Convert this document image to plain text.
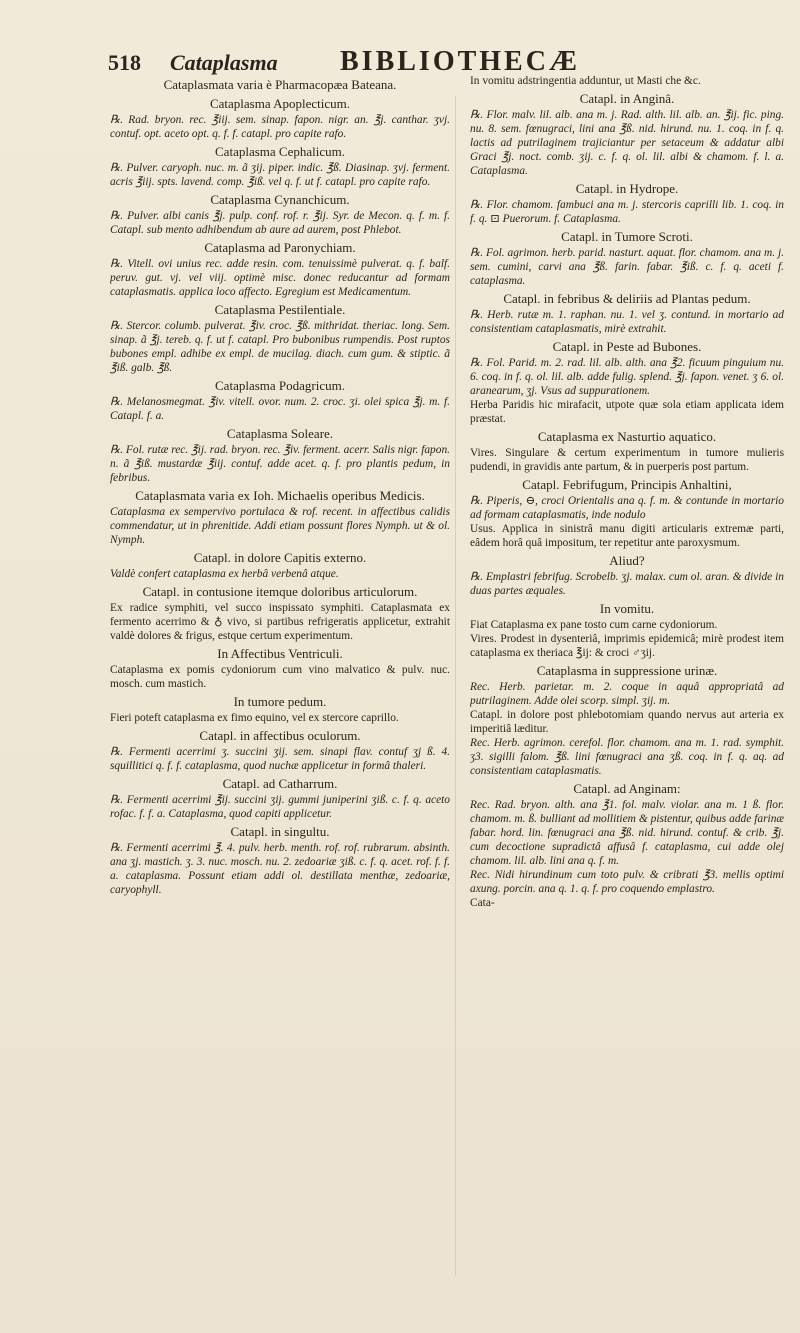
518 Cataplasma BIBLIOTHECÆ

Cataplasmata varia è Pharmacopæa Bateana.

Cataplasma Apoplecticum.

℞. Rad. bryon. rec. ℥iij. sem. sinap. fapon. nigr. an. ℥j. canthar. ʒvj. contuf. opt. aceto opt. q. f. f. catapl. pro capite rafo.

Cataplasma Cephalicum.

℞. Pulver. caryoph. nuc. m. ã ʒij. piper. indic. ℥ß. Diasinap. ʒvj. ferment. acris ℥iij. spts. lavend. comp. ℥iß. vel q. f. ut f. catapl. pro capite rafo.

Cataplasma Cynanchicum.

℞. Pulver. albi canis ℥j. pulp. conf. rof. r. ℥ij. Syr. de Mecon. q. f. m. f. Catapl. sub mento adhibendum ab aure ad aurem, post Phlebot.

Cataplasma ad Paronychiam.

℞. Vitell. ovi unius rec. adde resin. com. tenuissimè pulverat. q. f. balf. peruv. gut. vj. vel viij. optimè misc. donec reducantur ad formam cataplasmatis. applica loco affecto. Egregium est Medicamentum.

Cataplasma Pestilentiale.

℞. Stercor. columb. pulverat. ℥iv. croc. ℥ß. mithridat. theriac. long. Sem. sinap. ã ℥j. tereb. q. f. ut f. catapl. Pro bubonibus rumpendis. Post ruptos bubones empl. adhibe ex empl. de mucilag. diach. cum gum. & stiptic. ã ℥iß. galb. ℥ß.

Cataplasma Podagricum.

℞. Melanosmegmat. ℥iv. vitell. ovor. num. 2. croc. ʒi. olei spica ℥j. m. f. Catapl. f. a.

Cataplasma Soleare.

℞. Fol. rutæ rec. ℥ij. rad. bryon. rec. ℥iv. ferment. acerr. Salis nigr. fapon. n. ã ℥iß. mustardæ ℥iij. contuf. adde acet. q. f. pro plantis pedum, in febribus.

Cataplasmata varia ex Ioh. Michaelis operibus Medicis.

Cataplasma ex sempervivo portulaca & rof. recent. in affectibus calidis commendatur, ut in phrenitide. Addi etiam possunt flores Nymph. ut & ol. Nymph.

Catapl. in dolore Capitis externo.

Valdè confert cataplasma ex herbâ verbenâ atque.

Catapl. in contusione itemque doloribus articulorum.

Ex radice symphiti, vel succo inspissato symphiti. Cataplasmata ex fermento acerrimo & ♁ vivo, si partibus refrigeratis applicetur, extrahit valdè dolores & frigus, estque certum experimentum.

In Affectibus Ventriculi.

Cataplasma ex pomis cydoniorum cum vino malvatico & pulv. nuc. mosch. cum mastich.

In tumore pedum.

Fieri poteft cataplasma ex fimo equino, vel ex stercore caprillo.

Catapl. in affectibus oculorum.

℞. Fermenti acerrimi ʒ. succini ʒij. sem. sinapi flav. contuf ʒj ß. 4. squillitici q. f. f. cataplasma, quod nuchæ applicetur in formâ thaleri.

Catapl. ad Catharrum.

℞. Fermenti acerrimi ℥ij. succini ʒij. gummi juniperini ʒiß. c. f. q. aceto rofac. f. f. a. Cataplasma, quod capiti applicetur.

Catapl. in singultu.

℞. Fermenti acerrimi ℥. 4. pulv. herb. menth. rof. rof. rubrarum. absinth. ana ʒj. mastich. ʒ. 3. nuc. mosch. nu. 2. zedoariæ ʒiß. c. f. q. acet. rof. f. f. a. cataplasma. Possunt etiam addi ol. destillata menthæ, zedoariæ, caryophyll.

In vomitu adstringentia adduntur, ut Masti che &c.

Catapl. in Anginâ.

℞. Flor. malv. lil. alb. ana m. j. Rad. alth. lil. alb. an. ℥ij. fic. ping. nu. 8. sem. fœnugraci, lini ana ℥ß. nid. hirund. nu. 1. coq. in f. q. lactis ad putrilaginem trajiciantur per setaceum & addatur albi Graci ℥j. noct. comb. ʒij. c. f. q. ol. lil. albi & chamom. f. l. a. Cataplasma.

Catapl. in Hydrope.

℞. Flor. chamom. fambuci ana m. j. stercoris caprilli lib. 1. coq. in f. q. ⊡ Puerorum. f. Cataplasma.

Catapl. in Tumore Scroti.

℞. Fol. agrimon. herb. parid. nasturt. aquat. flor. chamom. ana m. j. sem. cumini, carvi ana ℥ß. farin. fabar. ℥iß. c. f. q. aceti f. cataplasma.

Catapl. in febribus & deliriis ad Plantas pedum.

℞. Herb. rutæ m. 1. raphan. nu. 1. vel ʒ. contund. in mortario ad consistentiam cataplasmatis, mirè extrahit.

Catapl. in Peste ad Bubones.

℞. Fol. Parid. m. 2. rad. lil. alb. alth. ana ℥2. ficuum pinguium nu. 6. coq. in f. q. ol. lil. alb. adde fulig. splend. ℥j. fapon. venet. ʒ 6. ol. aranearum, ʒj. Vsus ad suppurationem.

Herba Paridis hic mirafacit, utpote quæ sola etiam applicata idem præstat.

Cataplasma ex Nasturtio aquatico.

Vires. Singulare & certum experimentum in tumore mulieris pudendi, in gravidis ante partum, & in puerperis post partum.

Catapl. Febrifugum, Principis Anhaltini,

℞. Piperis, ⊖, croci Orientalis ana q. f. m. & contunde in mortario ad formam cataplasmatis, inde nodulo

Usus. Applica in sinistrâ manu digiti articularis extremæ parti, eâdem horâ quâ impositum, ter repetitur ante paroxysmum.

Aliud?

℞. Emplastri febrifug. Scrobelb. ʒj. malax. cum ol. aran. & divide in duas partes æquales.

In vomitu.

Fiat Cataplasma ex pane tosto cum carne cydoniorum.

Vires. Prodest in dysenteriâ, imprimis epidemicâ; mirè prodest item cataplasma ex theriaca ℥ij: & croci ♂ʒij.

Cataplasma in suppressione urinæ.

Rec. Herb. parietar. m. 2. coque in aquâ appropriatâ ad putrilaginem. Adde olei scorp. simpl. ʒij. m.

Catapl. in dolore post phlebotomiam quando nervus aut arteria ex imperitiâ læditur.

Rec. Herb. agrimon. cerefol. flor. chamom. ana m. 1. rad. symphit. ʒ3. sigilli falom. ℥ß. lini fœnugraci ana ʒß. coq. in f. q. aq. ad consistentiam cataplasmatis.

Catapl. ad Anginam:

Rec. Rad. bryon. alth. ana ℥1. fol. malv. violar. ana m. 1 ß. flor. chamom. m. ß. bulliant ad mollitiem & pistentur, quibus adde farinæ fabar. hord. lin. fœnugraci ana ℥ß. nid. hirund. contuf. & crib. ℥j. cum decoctione supradictâ affusâ f. cataplasma, cui adde olej chamom. lil. alb. lini ana q. f. m.

Rec. Nidi hirundinum cum toto pulv. & cribrati ℥3. mellis optimi axung. porcin. ana q. 1. q. f. pro coquendo emplastro.

Cata-
